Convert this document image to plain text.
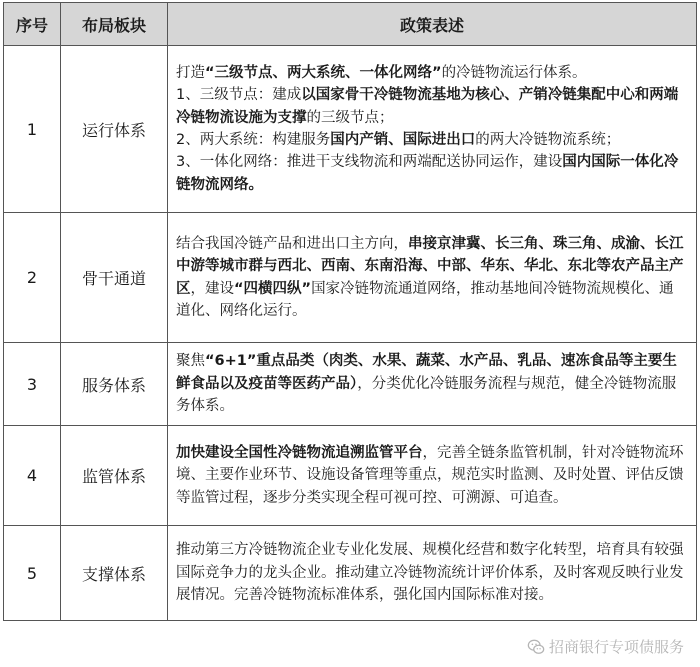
序号	布局板块	政策表述
1	运行体系	打造“三级节点、两大系统、一体化网络”的冷链物流运行体系。

1、三级节点：建成以国家骨干冷链物流基地为核心、产销冷链集配中心和两端冷链物流设施为支撑的三级节点；

2、两大系统：构建服务国内产销、国际进出口的两大冷链物流系统；

3、一体化网络：推进干支线物流和两端配送协同运作，建设国内国际一体化冷链物流网络。

2	骨干通道	结合我国冷链产品和进出口主方向，串接京津冀、长三角、珠三角、成渝、长江中游等城市群与西北、西南、东南沿海、中部、华东、华北、东北等农产品主产区，建设“四横四纵”国家冷链物流通道网络，推动基地间冷链物流规模化、通道化、网络化运行。

3	服务体系	聚焦“6+1”重点品类（肉类、水果、蔬菜、水产品、乳品、速冻食品等主要生鲜食品以及疫苗等医药产品），分类优化冷链服务流程与规范，健全冷链物流服务体系。

4	监管体系	加快建设全国性冷链物流追溯监管平台，完善全链条监管机制，针对冷链物流环境、主要作业环节、设施设备管理等重点，规范实时监测、及时处置、评估反馈等监管过程，逐步分类实现全程可视可控、可溯源、可追查。

5	支撑体系	推动第三方冷链物流企业专业化发展、规模化经营和数字化转型，培育具有较强国际竞争力的龙头企业。推动建立冷链物流统计评价体系，及时客观反映行业发展情况。完善冷链物流标准体系，强化国内国际标准对接。

招商银行专项债服务
